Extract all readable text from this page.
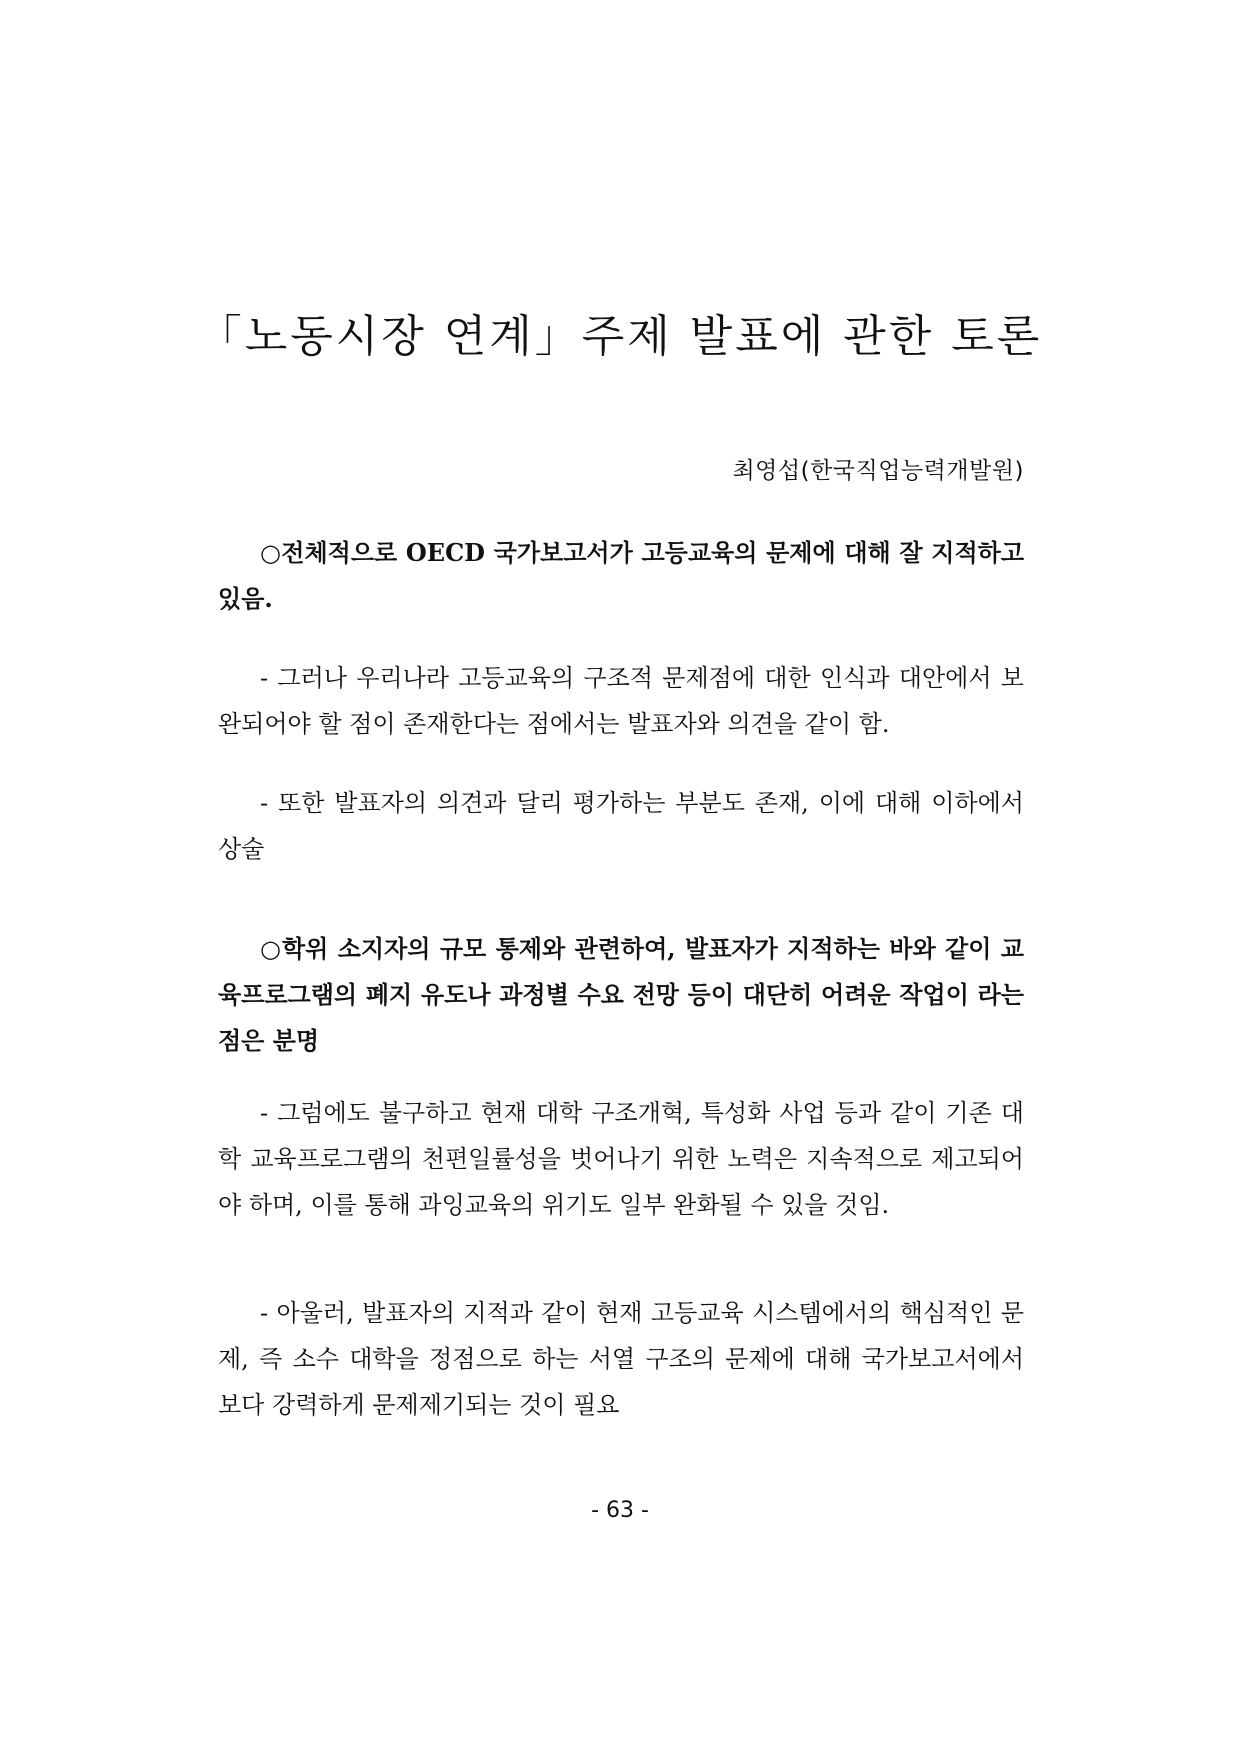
「노동시장 연계」주제 발표에 관한 토론
최영섭(한국직업능력개발원)

○전체적으로 OECD 국가보고서가 고등교육의 문제에 대해 잘 지적하고 있음.

- 그러나 우리나라 고등교육의 구조적 문제점에 대한 인식과 대안에서 보완되어야 할 점이 존재한다는 점에서는 발표자와 의견을 같이 함.

- 또한 발표자의 의견과 달리 평가하는 부분도 존재, 이에 대해 이하에서 상술

○학위 소지자의 규모 통제와 관련하여, 발표자가 지적하는 바와 같이 교육프로그램의 폐지 유도나 과정별 수요 전망 등이 대단히 어려운 작업이 라는 점은 분명

- 그럼에도 불구하고 현재 대학 구조개혁, 특성화 사업 등과 같이 기존 대학 교육프로그램의 천편일률성을 벗어나기 위한 노력은 지속적으로 제고되어야 하며, 이를 통해 과잉교육의 위기도 일부 완화될 수 있을 것임.

- 아울러, 발표자의 지적과 같이 현재 고등교육 시스템에서의 핵심적인 문제, 즉 소수 대학을 정점으로 하는 서열 구조의 문제에 대해 국가보고서에서 보다 강력하게 문제제기되는 것이 필요

- 63 -
